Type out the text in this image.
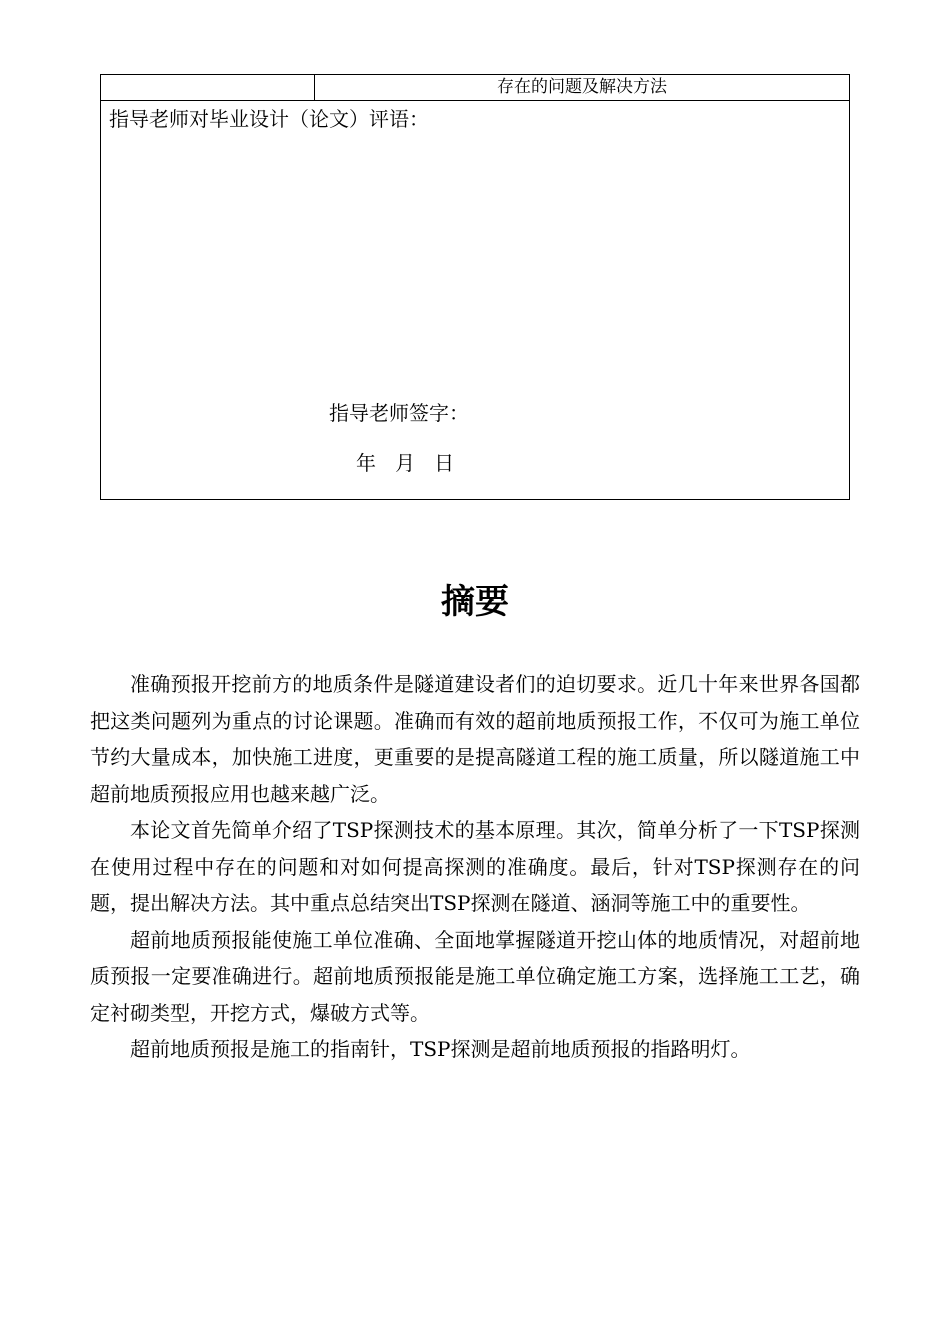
存在的问题及解决方法
指导老师对毕业设计（论文）评语：
指导老师签字：
年   月   日
摘要

准确预报开挖前方的地质条件是隧道建设者们的迫切要求。近几十年来世界各国都把这类问题列为重点的讨论课题。准确而有效的超前地质预报工作，不仅可为施工单位节约大量成本，加快施工进度，更重要的是提高隧道工程的施工质量，所以隧道施工中超前地质预报应用也越来越广泛。

本论文首先简单介绍了TSP探测技术的基本原理。其次，简单分析了一下TSP探测在使用过程中存在的问题和对如何提高探测的准确度。最后，针对TSP探测存在的问题，提出解决方法。其中重点总结突出TSP探测在隧道、涵洞等施工中的重要性。

超前地质预报能使施工单位准确、全面地掌握隧道开挖山体的地质情况，对超前地质预报一定要准确进行。超前地质预报能是施工单位确定施工方案，选择施工工艺，确定衬砌类型，开挖方式，爆破方式等。

超前地质预报是施工的指南针，TSP探测是超前地质预报的指路明灯。
